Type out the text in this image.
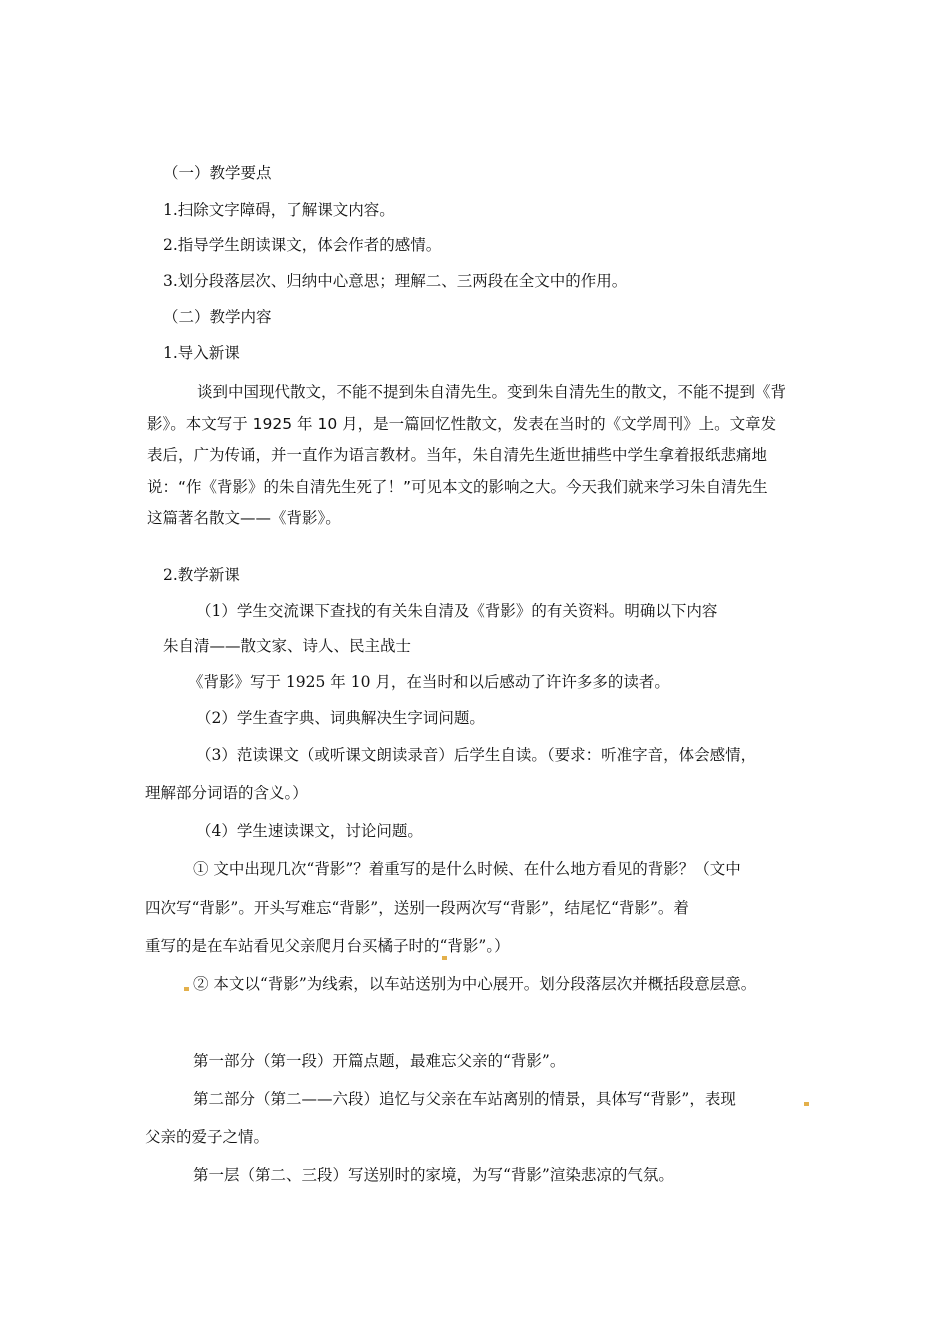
（一）教学要点
1.扫除文字障碍，了解课文内容。
2.指导学生朗读课文，体会作者的感情。
3.划分段落层次、归纳中心意思；理解二、三两段在全文中的作用。
（二）教学内容
1.导入新课
谈到中国现代散文，不能不提到朱自清先生。变到朱自清先生的散文，不能不提到《背
影》。本文写于 1925 年 10 月，是一篇回忆性散文，发表在当时的《文学周刊》上。文章发
表后，广为传诵，并一直作为语言教材。当年，朱自清先生逝世捕些中学生拿着报纸悲痛地
说：“作《背影》的朱自清先生死了！”可见本文的影响之大。今天我们就来学习朱自清先生
这篇著名散文——《背影》。
2.教学新课
（1）学生交流课下查找的有关朱自清及《背影》的有关资料。明确以下内容
朱自清——散文家、诗人、民主战士
《背影》写于 1925 年 10 月，在当时和以后感动了许许多多的读者。
（2）学生查字典、词典解决生字词问题。
（3）范读课文（或听课文朗读录音）后学生自读。（要求：听准字音，体会感情，
理解部分词语的含义。）
（4）学生速读课文，讨论问题。
① 文中出现几次“背影”？着重写的是什么时候、在什么地方看见的背影？（文中
四次写“背影”。开头写难忘“背影”，送别一段两次写“背影”，结尾忆“背影”。着
重写的是在车站看见父亲爬月台买橘子时的“背影”。）
② 本文以“背影”为线索，以车站送别为中心展开。划分段落层次并概括段意层意。
第一部分（第一段）开篇点题，最难忘父亲的“背影”。
第二部分（第二——六段）追忆与父亲在车站离别的情景，具体写“背影”，表现
父亲的爱子之情。
第一层（第二、三段）写送别时的家境，为写“背影”渲染悲凉的气氛。
